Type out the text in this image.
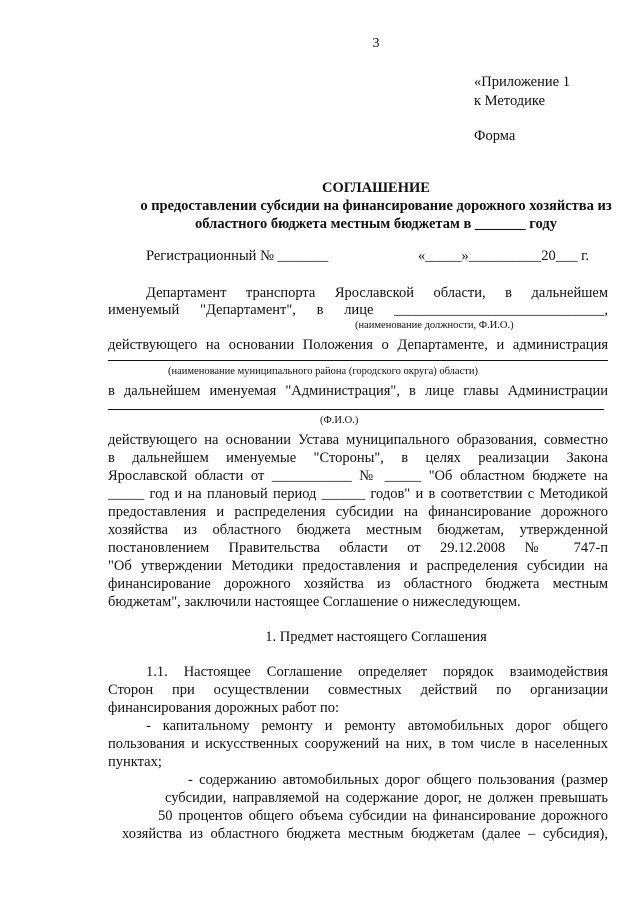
3
«Приложение 1
к Методике
Форма
СОГЛАШЕНИЕ
о предоставлении субсидии на финансирование дорожного хозяйства из
областного бюджета местным бюджетам в _______ году
Регистрационный № _______	«_____»__________20___ г.
Департамент транспорта Ярославской области, в дальнейшем
именуемый "Департамент", в лице _____________________________,
(наименование должности, Ф.И.О.)
действующего на основании Положения о Департаменте, и администрация
(наименование муниципального района (городского округа) области)
в дальнейшем именуемая "Администрация", в лице главы Администрации
(Ф.И.О.)
действующего на основании Устава муниципального образования, совместно
в дальнейшем именуемые "Стороны", в целях реализации Закона
Ярославской области от ___________ № _____ "Об областном бюджете на
_____ год и на плановый период ______ годов" и в соответствии с Методикой
предоставления и распределения субсидии на финансирование дорожного
хозяйства из областного бюджета местным бюджетам, утвержденной
постановлением Правительства области от 29.12.2008 № 747-п
"Об утверждении Методики предоставления и распределения субсидии на
финансирование дорожного хозяйства из областного бюджета местным
бюджетам", заключили настоящее Соглашение о нижеследующем.
1. Предмет настоящего Соглашения
1.1. Настоящее Соглашение определяет порядок взаимодействия
Сторон при осуществлении совместных действий по организации
финансирования дорожных работ по:
- капитальному ремонту и ремонту автомобильных дорог общего
пользования и искусственных сооружений на них, в том числе в населенных
пунктах;
- содержанию автомобильных дорог общего пользования (размер
субсидии, направляемой на содержание дорог, не должен превышать
50 процентов общего объема субсидии на финансирование дорожного
хозяйства из областного бюджета местным бюджетам (далее – субсидия),
